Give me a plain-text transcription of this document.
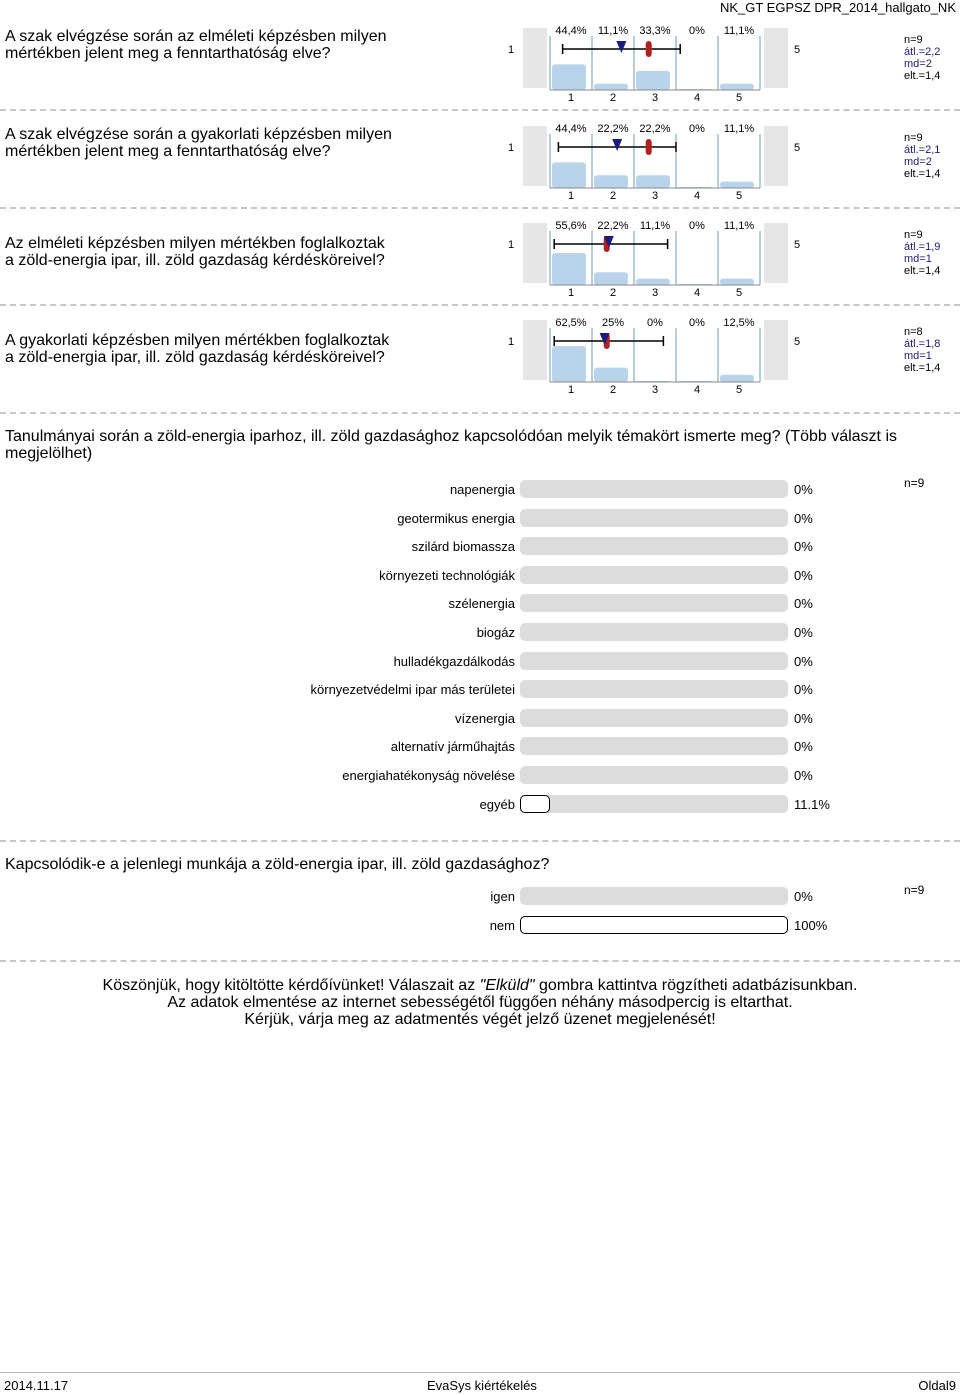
NK_GT EGPSZ DPR_2014_hallgato_NK
A szak elvégzése során az elméleti képzésben milyen mértékben jelent meg a fenntarthatóság elve?	1	5
44,4%	11,1%	33,3%	0%	11,1%
1	2	3	4	5
n=9
átl.=2,2
md=2
elt.=1,4
A szak elvégzése során a gyakorlati képzésben milyen mértékben jelent meg a fenntarthatóság elve?	1	5
44,4% 22,2% 22,2%	0%	11,1%
1	2	3	4	5
n=9
átl.=2,1
md=2
elt.=1,4
Az elméleti képzésben milyen mértékben foglalkoztak a zöld-energia ipar, ill. zöld gazdaság kérdésköreivel?
1	5
55,6% 22,2%	11,1%	0%	11,1%
1	2	3	4	5
n=9
átl.=1,9
md=1
elt.=1,4
A gyakorlati képzésben milyen mértékben foglalkoztak a zöld-energia ipar, ill. zöld gazdaság kérdésköreivel?
1	5
62,5%	25%	0%	0%	12,5%
1	2	3	4	5
n=8
átl.=1,8
md=1
elt.=1,4
Tanulmányai során a zöld-energia iparhoz, ill. zöld gazdasághoz kapcsolódóan melyik témakört ismerte meg? (Több választ is megjelölhet)
n=9
napenergia	0%
geotermikus energia	0%
szilárd biomassza	0%
környezeti technológiák	0%
szélenergia	0%
biogáz	0%
hulladékgazdálkodás	0%
környezetvédelmi ipar más területei	0%
vízenergia	0%
alternatív járműhajtás	0%
energiahatékonyság növelése	0%
egyéb	11.1%
Kapcsolódik-e a jelenlegi munkája a zöld-energia ipar, ill. zöld gazdasághoz?
n=9
igen	0%
nem	100%
Köszönjük, hogy kitöltötte kérdőívünket! Válaszait az "Elküld" gombra kattintva rögzítheti adatbázisunkban.
Az adatok elmentése az internet sebességétől függően néhány másodpercig is eltarthat.
Kérjük, várja meg az adatmentés végét jelző üzenet megjelenését!
2014.11.17	EvaSys kiértékelés	Oldal9
